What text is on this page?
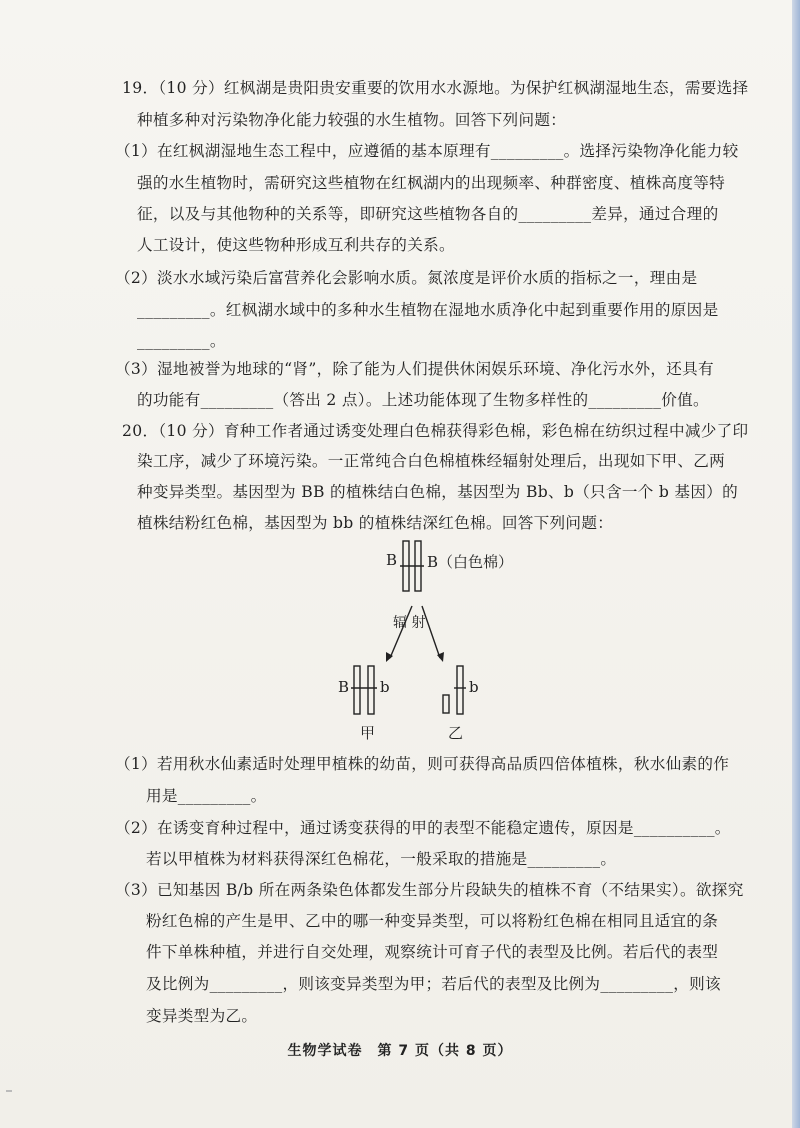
19．（10 分）红枫湖是贵阳贵安重要的饮用水水源地。为保护红枫湖湿地生态，需要选择
种植多种对污染物净化能力较强的水生植物。回答下列问题：
（1）在红枫湖湿地生态工程中，应遵循的基本原理有_________。选择污染物净化能力较
强的水生植物时，需研究这些植物在红枫湖内的出现频率、种群密度、植株高度等特
征，以及与其他物种的关系等，即研究这些植物各自的_________差异，通过合理的
人工设计，使这些物种形成互利共存的关系。
（2）淡水水域污染后富营养化会影响水质。氮浓度是评价水质的指标之一，理由是
_________。红枫湖水域中的多种水生植物在湿地水质净化中起到重要作用的原因是
_________。
（3）湿地被誉为地球的“肾”，除了能为人们提供休闲娱乐环境、净化污水外，还具有
的功能有_________（答出 2 点）。上述功能体现了生物多样性的_________价值。
20．（10 分）育种工作者通过诱变处理白色棉获得彩色棉，彩色棉在纺织过程中减少了印
染工序，减少了环境污染。一正常纯合白色棉植株经辐射处理后，出现如下甲、乙两
种变异类型。基因型为 BB 的植株结白色棉，基因型为 Bb、b（只含一个 b 基因）的
植株结粉红色棉，基因型为 bb 的植株结深红色棉。回答下列问题：
B B（白色棉）
辐 射
B b	b
甲	乙
（1）若用秋水仙素适时处理甲植株的幼苗，则可获得高品质四倍体植株，秋水仙素的作
用是_________。
（2）在诱变育种过程中，通过诱变获得的甲的表型不能稳定遗传，原因是__________。
若以甲植株为材料获得深红色棉花，一般采取的措施是_________。
（3）已知基因 B/b 所在两条染色体都发生部分片段缺失的植株不育（不结果实）。欲探究
粉红色棉的产生是甲、乙中的哪一种变异类型，可以将粉红色棉在相同且适宜的条
件下单株种植，并进行自交处理，观察统计可育子代的表型及比例。若后代的表型
及比例为_________，则该变异类型为甲；若后代的表型及比例为_________，则该
变异类型为乙。
生物学试卷　第 7 页（共 8 页）
